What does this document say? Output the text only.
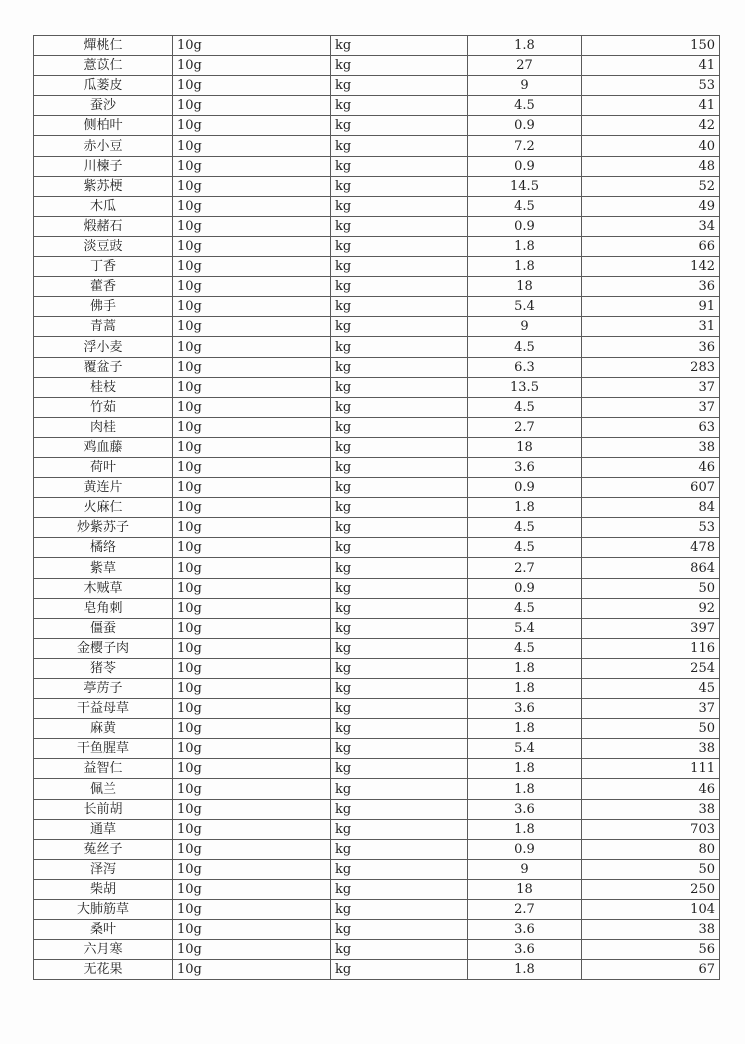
燀桃仁	10g	kg	1.8	150
薏苡仁	10g	kg	27	41
瓜蒌皮	10g	kg	9	53
蚕沙	10g	kg	4.5	41
侧柏叶	10g	kg	0.9	42
赤小豆	10g	kg	7.2	40
川楝子	10g	kg	0.9	48
紫苏梗	10g	kg	14.5	52
木瓜	10g	kg	4.5	49
煅赭石	10g	kg	0.9	34
淡豆豉	10g	kg	1.8	66
丁香	10g	kg	1.8	142
藿香	10g	kg	18	36
佛手	10g	kg	5.4	91
青蒿	10g	kg	9	31
浮小麦	10g	kg	4.5	36
覆盆子	10g	kg	6.3	283
桂枝	10g	kg	13.5	37
竹茹	10g	kg	4.5	37
肉桂	10g	kg	2.7	63
鸡血藤	10g	kg	18	38
荷叶	10g	kg	3.6	46
黄连片	10g	kg	0.9	607
火麻仁	10g	kg	1.8	84
炒紫苏子	10g	kg	4.5	53
橘络	10g	kg	4.5	478
紫草	10g	kg	2.7	864
木贼草	10g	kg	0.9	50
皂角刺	10g	kg	4.5	92
僵蚕	10g	kg	5.4	397
金樱子肉	10g	kg	4.5	116
猪苓	10g	kg	1.8	254
葶苈子	10g	kg	1.8	45
干益母草	10g	kg	3.6	37
麻黄	10g	kg	1.8	50
干鱼腥草	10g	kg	5.4	38
益智仁	10g	kg	1.8	111
佩兰	10g	kg	1.8	46
长前胡	10g	kg	3.6	38
通草	10g	kg	1.8	703
菟丝子	10g	kg	0.9	80
泽泻	10g	kg	9	50
柴胡	10g	kg	18	250
大肺筋草	10g	kg	2.7	104
桑叶	10g	kg	3.6	38
六月寒	10g	kg	3.6	56
无花果	10g	kg	1.8	67
